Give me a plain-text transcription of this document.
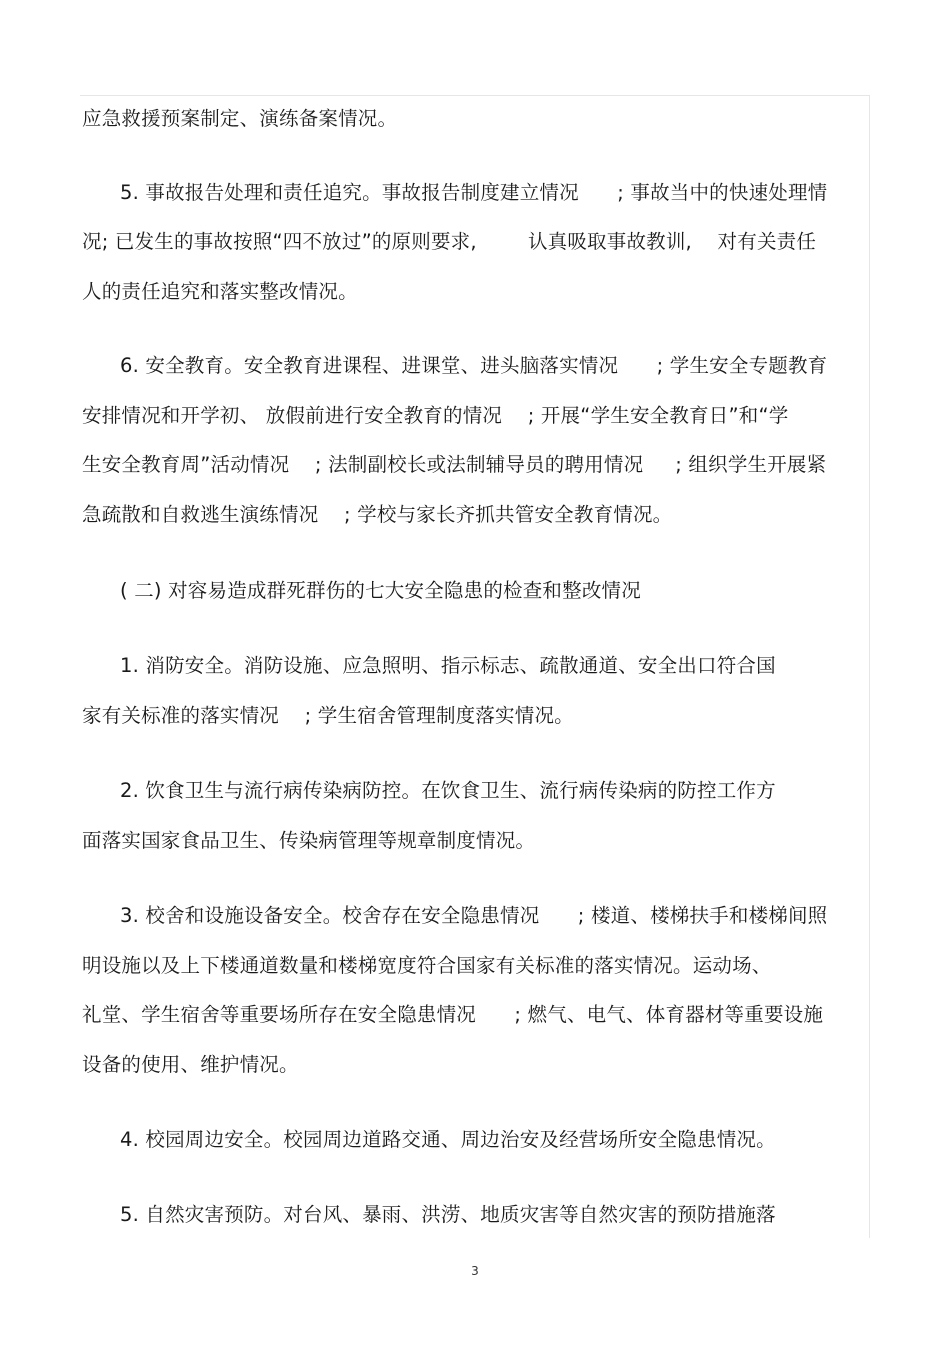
应急救援预案制定、演练备案情况。
5. 事故报告处理和责任追究。事故报告制度建立情况      ; 事故当中的快速处理情
况; 已发生的事故按照“四不放过”的原则要求,        认真吸取事故教训,    对有关责任
人的责任追究和落实整改情况。
6. 安全教育。安全教育进课程、进课堂、进头脑落实情况      ; 学生安全专题教育
安排情况和开学初、 放假前进行安全教育的情况    ; 开展“学生安全教育日”和“学
生安全教育周”活动情况    ; 法制副校长或法制辅导员的聘用情况     ; 组织学生开展紧
急疏散和自救逃生演练情况    ; 学校与家长齐抓共管安全教育情况。
( 二) 对容易造成群死群伤的七大安全隐患的检查和整改情况
1. 消防安全。消防设施、应急照明、指示标志、疏散通道、安全出口符合国
家有关标准的落实情况    ; 学生宿舍管理制度落实情况。
2. 饮食卫生与流行病传染病防控。在饮食卫生、流行病传染病的防控工作方
面落实国家食品卫生、传染病管理等规章制度情况。
3. 校舍和设施设备安全。校舍存在安全隐患情况      ; 楼道、楼梯扶手和楼梯间照
明设施以及上下楼通道数量和楼梯宽度符合国家有关标准的落实情况。运动场、
礼堂、学生宿舍等重要场所存在安全隐患情况      ; 燃气、电气、体育器材等重要设施
设备的使用、维护情况。
4. 校园周边安全。校园周边道路交通、周边治安及经营场所安全隐患情况。
5. 自然灾害预防。对台风、暴雨、洪涝、地质灾害等自然灾害的预防措施落
3
